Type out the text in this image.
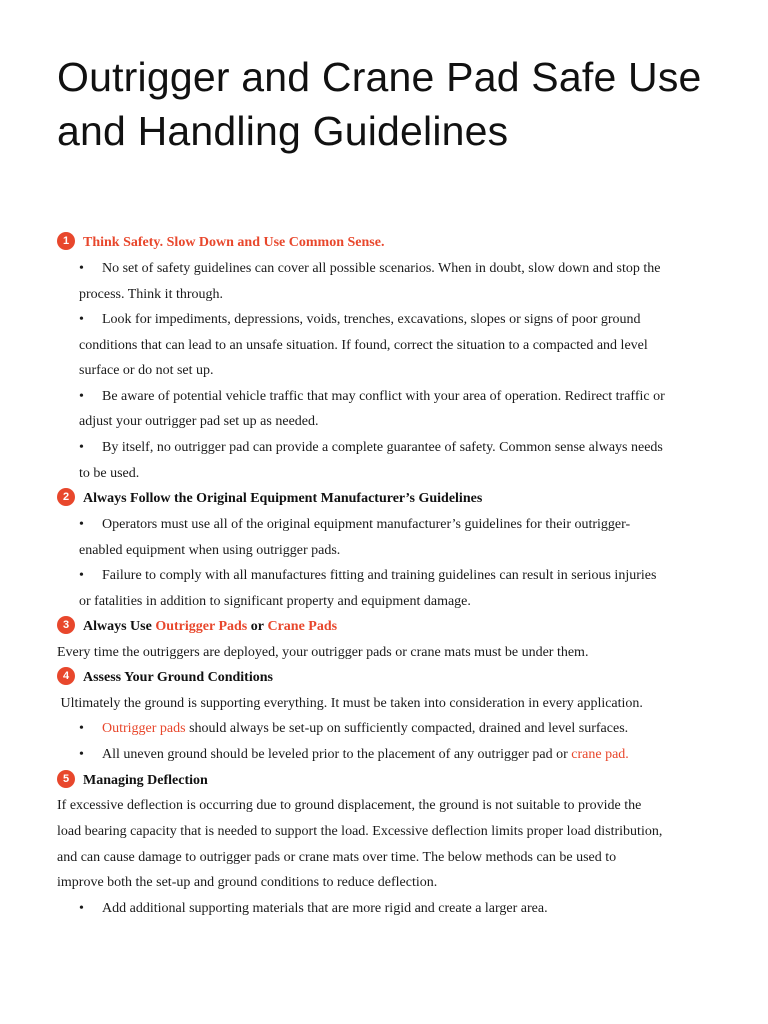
Outrigger and Crane Pad Safe Use and Handling Guidelines
1 Think Safety. Slow Down and Use Common Sense.
• No set of safety guidelines can cover all possible scenarios. When in doubt, slow down and stop the
process. Think it through.
• Look for impediments, depressions, voids, trenches, excavations, slopes or signs of poor ground
conditions that can lead to an unsafe situation. If found, correct the situation to a compacted and level
surface or do not set up.
• Be aware of potential vehicle traffic that may conflict with your area of operation. Redirect traffic or
adjust your outrigger pad set up as needed.
• By itself, no outrigger pad can provide a complete guarantee of safety. Common sense always needs
to be used.
2 Always Follow the Original Equipment Manufacturer’s Guidelines
• Operators must use all of the original equipment manufacturer’s guidelines for their outrigger-
enabled equipment when using outrigger pads.
• Failure to comply with all manufactures fitting and training guidelines can result in serious injuries
or fatalities in addition to significant property and equipment damage.
3 Always Use
Outrigger Pads
or
Crane Pads
Every time the outriggers are deployed, your outrigger pads or crane mats must be under them.
4 Assess Your Ground Conditions
Ultimately the ground is supporting everything. It must be taken into consideration in every application.
• Outrigger pads should always be set-up on sufficiently compacted, drained and level surfaces.
• All uneven ground should be leveled prior to the placement of any outrigger pad or crane pad.
5 Managing Deflection
If excessive deflection is occurring due to ground displacement, the ground is not suitable to provide the
load bearing capacity that is needed to support the load. Excessive deflection limits proper load distribution,
and can cause damage to outrigger pads or crane mats over time. The below methods can be used to
improve both the set-up and ground conditions to reduce deflection.
• Add additional supporting materials that are more rigid and create a larger area.
